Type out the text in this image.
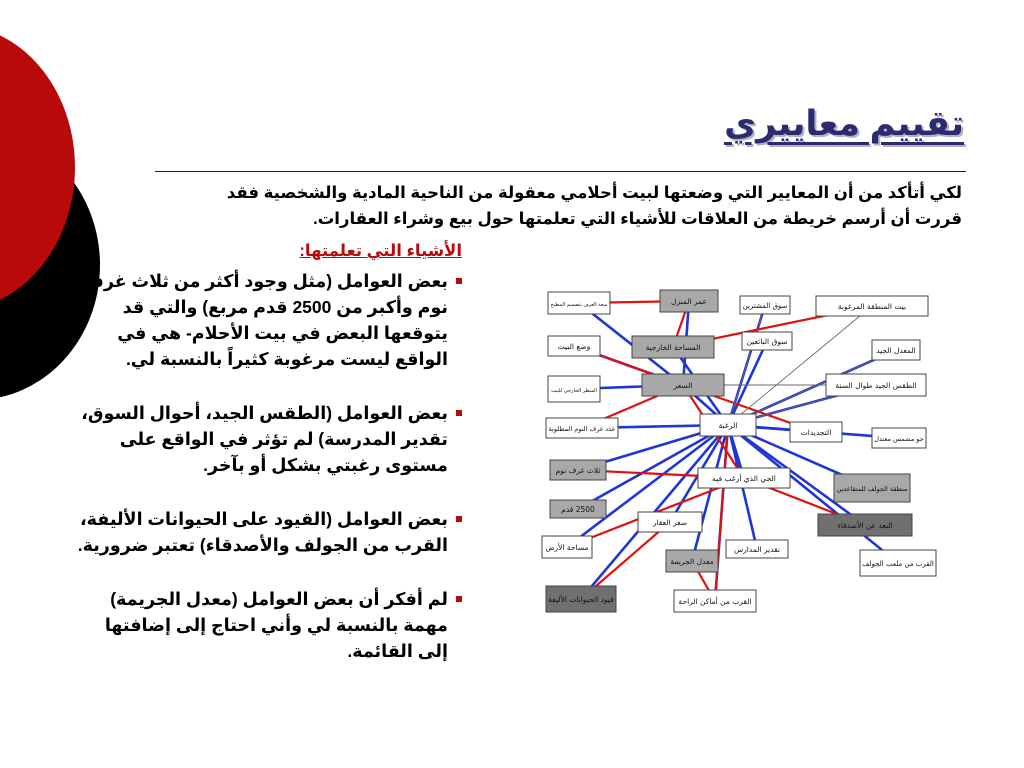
تقييم معاييري

لكي أتأكد من أن المعايير التي وضعتها لبيت أحلامي معقولة من الناحية المادية والشخصية فقد
قررت أن أرسم خريطة من العلاقات للأشياء التي تعلمتها حول بيع وشراء العقارات.

الأشياء التي تعلمتها:
بعض العوامل (مثل وجود أكثر من ثلاث غرف نوم وأكبر من 2500 قدم مربع) والتي قد يتوقعها البعض في بيت الأحلام- هي في الواقع ليست مرغوبة كثيراً بالنسبة لي.
بعض العوامل (الطقس الجيد، أحوال السوق، تقدير المدرسة) لم تؤثر في الواقع على مستوى رغبتي بشكل أو بآخر.
بعض العوامل (القيود على الحيوانات الأليفة، القرب من الجولف والأصدقاء) تعتبر ضرورية.
لم أفكر أن بعض العوامل (معدل الجريمة) مهمة بالنسبة لي وأني احتاج إلى إضافتها إلى القائمة.
سعة الغرف بتصميم المطبخ	عمر المنزل	سوق المشترين	بيت المنطقة المرغوبة
وضع البيت	المساحة الخارجية
سوق البائعين
المعدل الجيد
المنظر الخارجي للبيت
السعر	الطقس الجيد طوال السنة
عدد غرف النوم المطلوبة	الرغبة
التجديدات
جو مشمس معتدل
ثلاث غرف نوم
الحي الذي أرغب فيه
منطقة الجولف للمتقاعدين
2500 قدم
سعر العقار	البعد عن الأصدقاء
مساحة الأرض	تقدير المدارس
معدل الجريمة	القرب من ملعب الجولف
القرب من أماكن الراحة
قيود الحيوانات الأليفة
